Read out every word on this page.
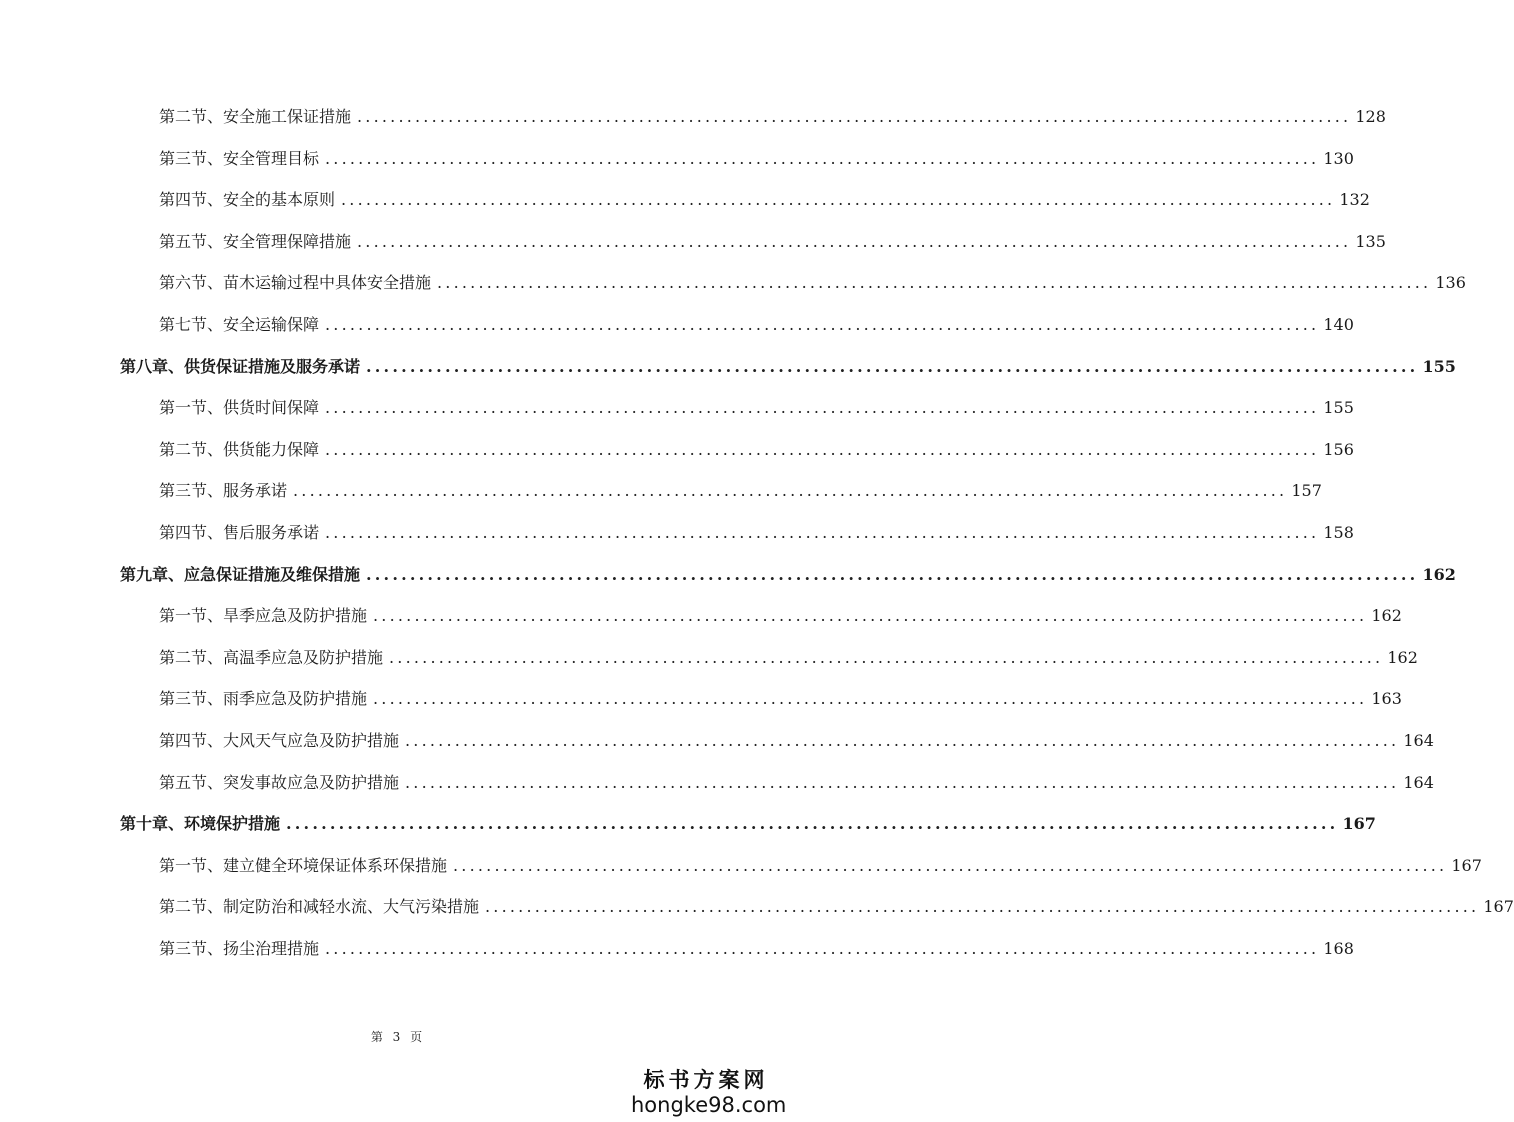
第二节、安全施工保证措施 ........................................................................................................................ 128
第三节、安全管理目标 ........................................................................................................................ 130
第四节、安全的基本原则 ........................................................................................................................ 132
第五节、安全管理保障措施 ........................................................................................................................ 135
第六节、苗木运输过程中具体安全措施 ........................................................................................................................ 136
第七节、安全运输保障 ........................................................................................................................ 140
第八章、供货保证措施及服务承诺 ........................................................................................................................ 155
第一节、供货时间保障 ........................................................................................................................ 155
第二节、供货能力保障 ........................................................................................................................ 156
第三节、服务承诺 ........................................................................................................................ 157
第四节、售后服务承诺 ........................................................................................................................ 158
第九章、应急保证措施及维保措施 ........................................................................................................................ 162
第一节、旱季应急及防护措施 ........................................................................................................................ 162
第二节、高温季应急及防护措施 ........................................................................................................................ 162
第三节、雨季应急及防护措施 ........................................................................................................................ 163
第四节、大风天气应急及防护措施 ........................................................................................................................ 164
第五节、突发事故应急及防护措施 ........................................................................................................................ 164
第十章、环境保护措施 ........................................................................................................................ 167
第一节、建立健全环境保证体系环保措施 ........................................................................................................................ 167
第二节、制定防治和减轻水流、大气污染措施 ........................................................................................................................ 167
第三节、扬尘治理措施 ........................................................................................................................ 168
第 3 页
标书方案网
hongke98.com
